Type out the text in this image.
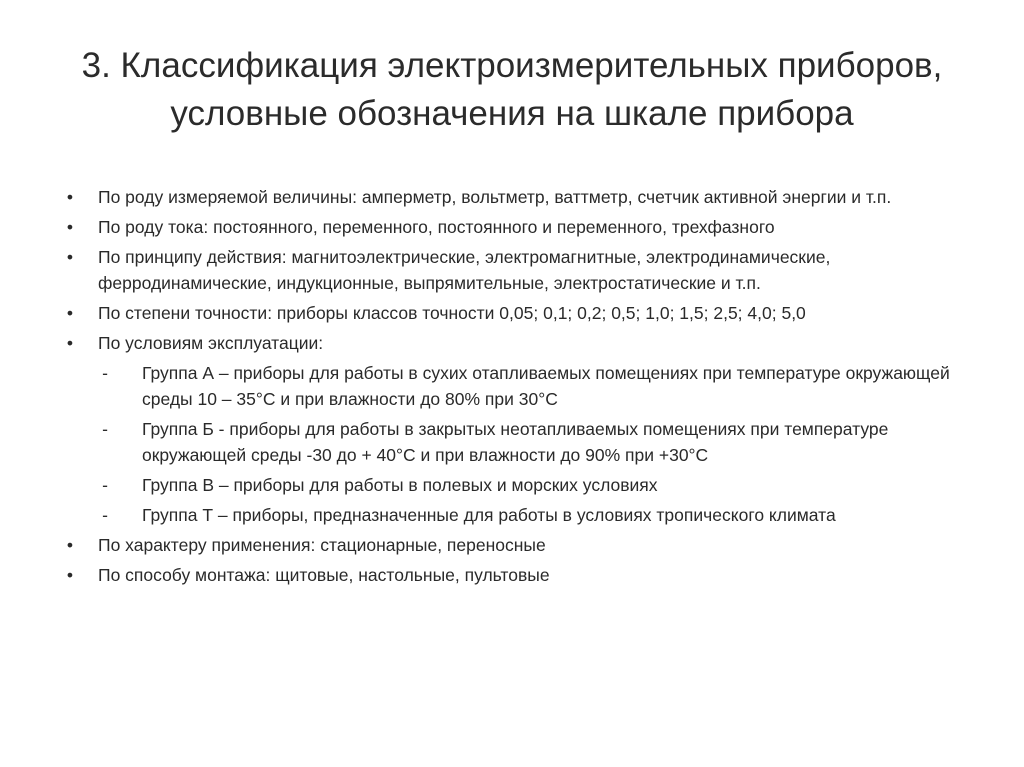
3. Классификация электроизмерительных приборов,
условные обозначения на шкале прибора
•	По роду измеряемой величины: амперметр, вольтметр, ваттметр, счетчик активной энергии и т.п.
•	По роду тока: постоянного, переменного, постоянного и переменного, трехфазного
•	По принципу действия: магнитоэлектрические, электромагнитные, электродинамические, ферродинамические, индукционные, выпрямительные, электростатические и т.п.
•	По степени точности: приборы классов точности 0,05; 0,1; 0,2; 0,5; 1,0; 1,5; 2,5; 4,0; 5,0
•	По условиям эксплуатации:
- Группа А – приборы для работы в сухих отапливаемых помещениях при температуре окружающей среды 10 – 35°С и при влажности до 80% при 30°С
- Группа Б - приборы для работы в закрытых неотапливаемых помещениях при температуре окружающей среды -30 до + 40°С и при влажности до 90% при +30°С
- Группа В – приборы для работы в полевых и морских условиях
- Группа Т – приборы, предназначенные для работы в условиях тропического климата
•	По характеру применения: стационарные, переносные
•	По способу монтажа: щитовые, настольные, пультовые
